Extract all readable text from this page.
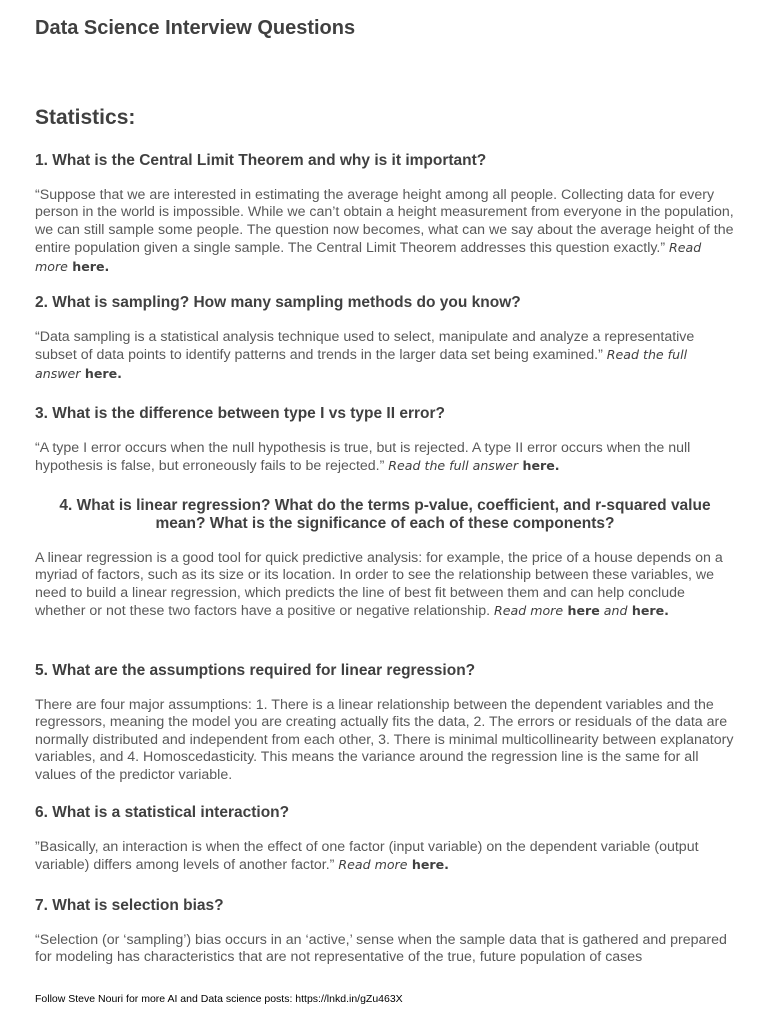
Data Science Interview Questions
Statistics:

1. What is the Central Limit Theorem and why is it important?

“Suppose that we are interested in estimating the average height among all people. Collecting data for every person in the world is impossible. While we can’t obtain a height measurement from everyone in the population, we can still sample some people. The question now becomes, what can we say about the average height of the entire population given a single sample. The Central Limit Theorem addresses this question exactly.” Read more here.

2. What is sampling? How many sampling methods do you know?

“Data sampling is a statistical analysis technique used to select, manipulate and analyze a representative subset of data points to identify patterns and trends in the larger data set being examined.” Read the full answer here.

3. What is the difference between type I vs type II error?

“A type I error occurs when the null hypothesis is true, but is rejected. A type II error occurs when the null hypothesis is false, but erroneously fails to be rejected.” Read the full answer here.

4. What is linear regression? What do the terms p-value, coefficient, and r-squared value mean? What is the significance of each of these components?

A linear regression is a good tool for quick predictive analysis: for example, the price of a house depends on a myriad of factors, such as its size or its location. In order to see the relationship between these variables, we need to build a linear regression, which predicts the line of best fit between them and can help conclude whether or not these two factors have a positive or negative relationship. Read more here and here.

5. What are the assumptions required for linear regression?

There are four major assumptions: 1. There is a linear relationship between the dependent variables and the regressors, meaning the model you are creating actually fits the data, 2. The errors or residuals of the data are normally distributed and independent from each other, 3. There is minimal multicollinearity between explanatory variables, and 4. Homoscedasticity. This means the variance around the regression line is the same for all values of the predictor variable.

6. What is a statistical interaction?

”Basically, an interaction is when the effect of one factor (input variable) on the dependent variable (output variable) differs among levels of another factor.” Read more here.

7. What is selection bias?

“Selection (or ‘sampling’) bias occurs in an ‘active,’ sense when the sample data that is gathered and prepared for modeling has characteristics that are not representative of the true, future population of cases

Follow Steve Nouri for more AI and Data science posts: https://lnkd.in/gZu463X
